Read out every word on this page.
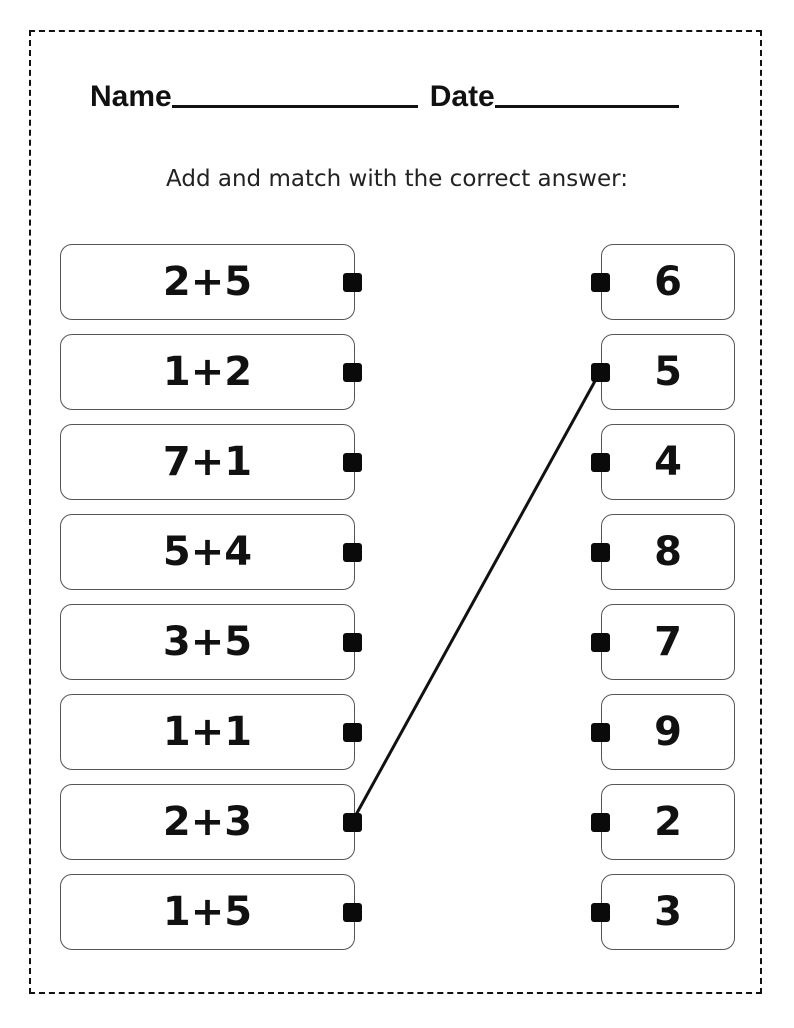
Name	Date
Add and match with the correct answer:
2+5
1+2
7+1
5+4
3+5
1+1
2+3
1+5
6
5
4
8
7
9
2
3
